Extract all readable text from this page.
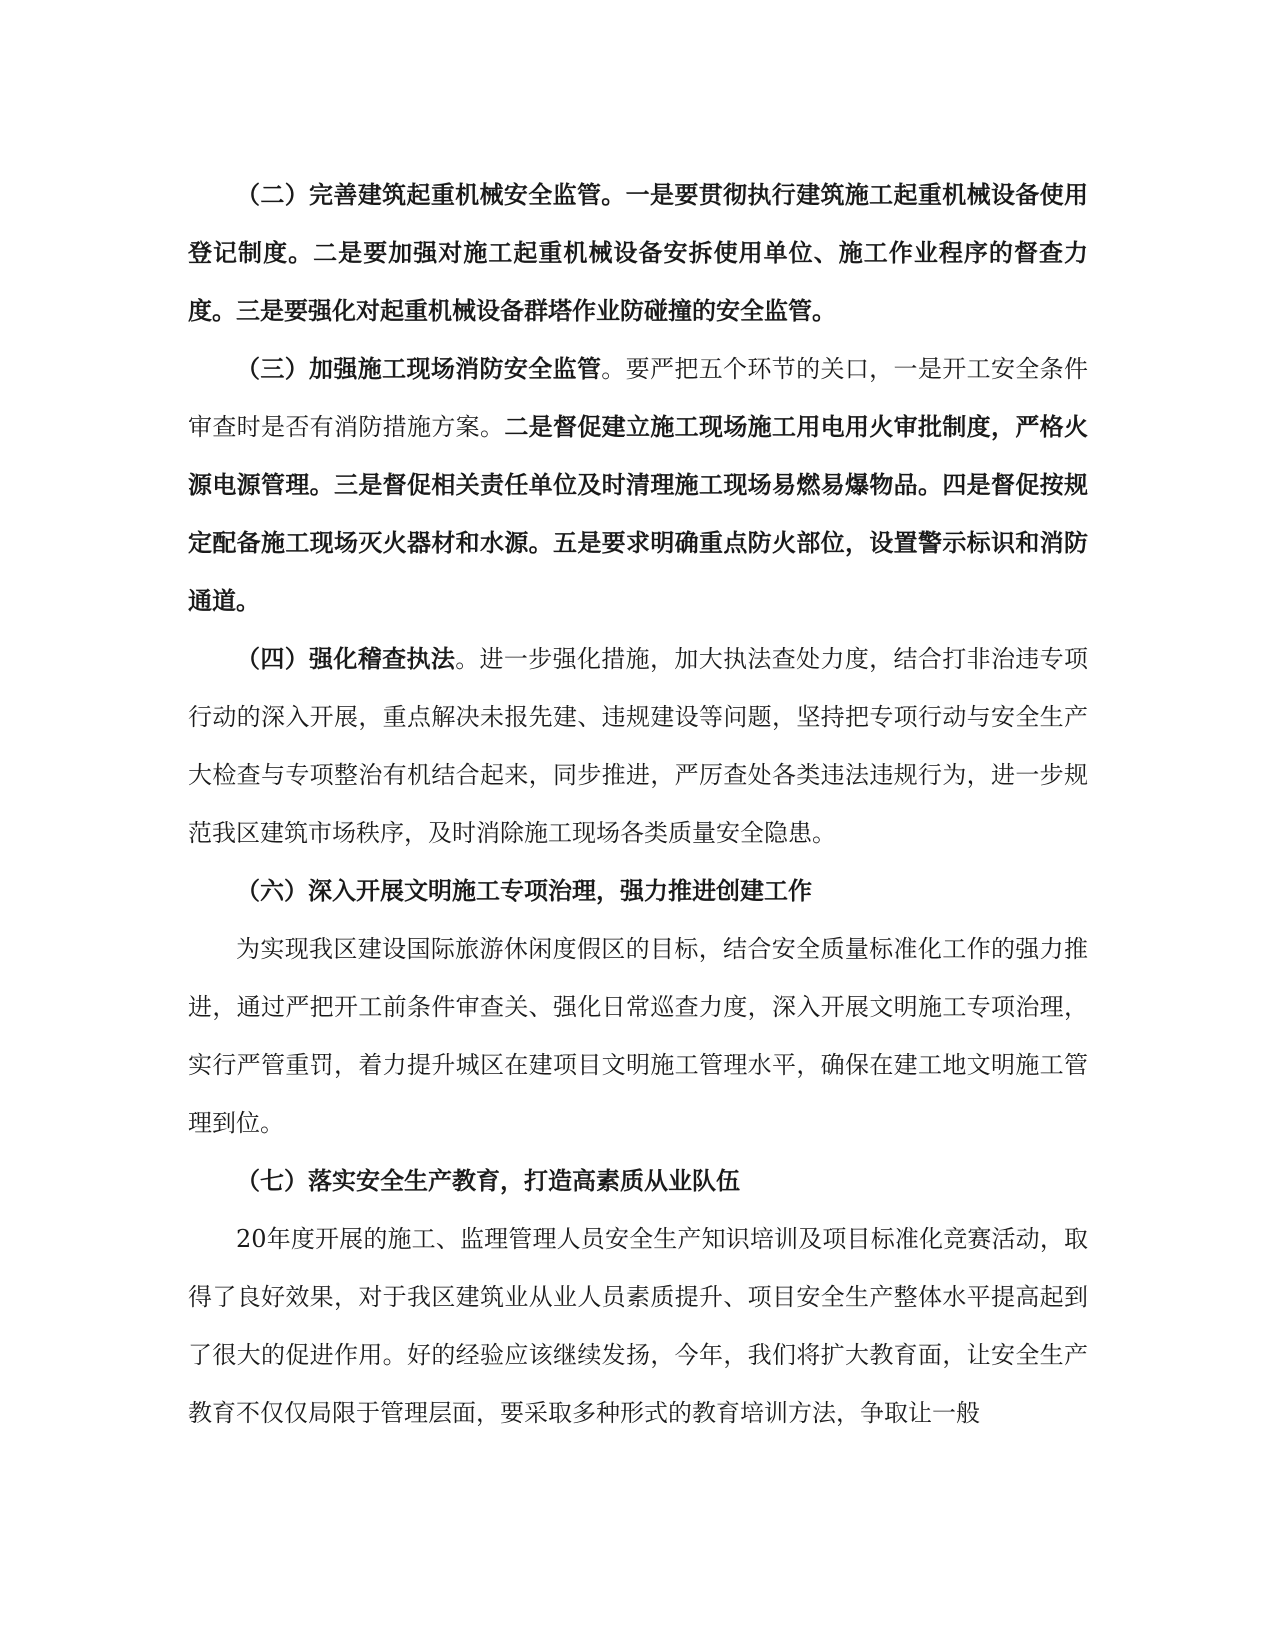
（二）完善建筑起重机械安全监管。一是要贯彻执行建筑施工起重机械设备使用登记制度。二是要加强对施工起重机械设备安拆使用单位、施工作业程序的督查力度。三是要强化对起重机械设备群塔作业防碰撞的安全监管。

（三）加强施工现场消防安全监管。要严把五个环节的关口，一是开工安全条件审查时是否有消防措施方案。二是督促建立施工现场施工用电用火审批制度，严格火源电源管理。三是督促相关责任单位及时清理施工现场易燃易爆物品。四是督促按规定配备施工现场灭火器材和水源。五是要求明确重点防火部位，设置警示标识和消防通道。

（四）强化稽查执法。进一步强化措施，加大执法查处力度，结合打非治违专项行动的深入开展，重点解决未报先建、违规建设等问题，坚持把专项行动与安全生产大检查与专项整治有机结合起来，同步推进，严厉查处各类违法违规行为，进一步规范我区建筑市场秩序，及时消除施工现场各类质量安全隐患。

（六）深入开展文明施工专项治理，强力推进创建工作

为实现我区建设国际旅游休闲度假区的目标，结合安全质量标准化工作的强力推进，通过严把开工前条件审查关、强化日常巡查力度，深入开展文明施工专项治理，实行严管重罚，着力提升城区在建项目文明施工管理水平，确保在建工地文明施工管理到位。

（七）落实安全生产教育，打造高素质从业队伍

20年度开展的施工、监理管理人员安全生产知识培训及项目标准化竞赛活动，取得了良好效果，对于我区建筑业从业人员素质提升、项目安全生产整体水平提高起到了很大的促进作用。好的经验应该继续发扬，今年，我们将扩大教育面，让安全生产教育不仅仅局限于管理层面，要采取多种形式的教育培训方法，争取让一般
